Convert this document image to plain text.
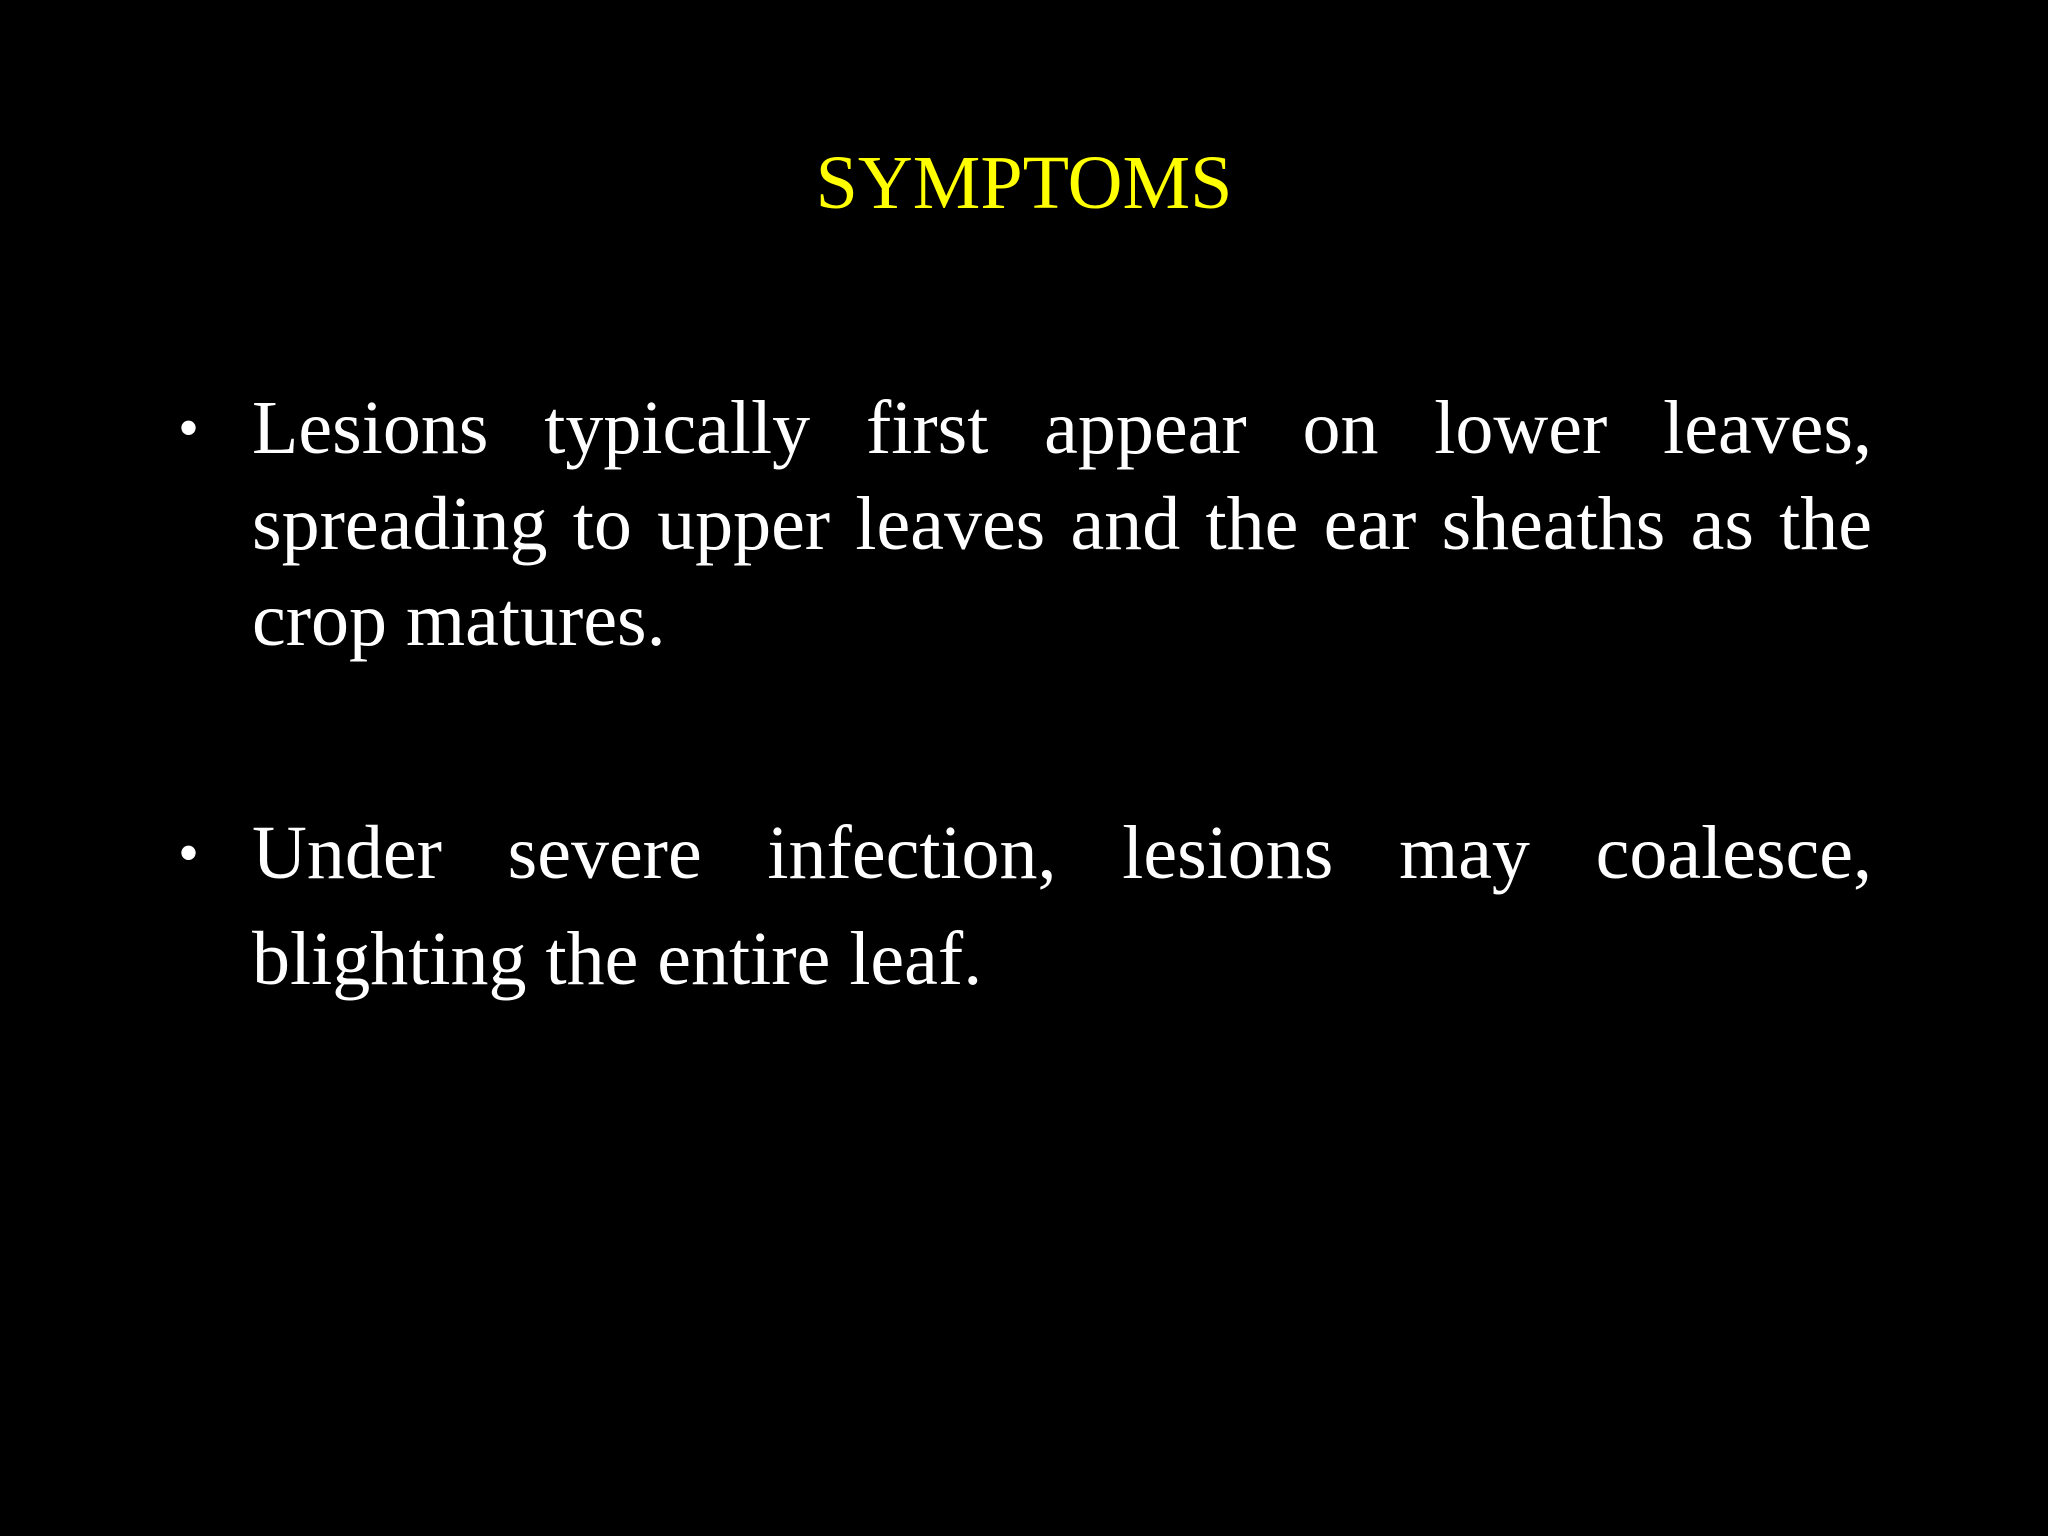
SYMPTOMS
• Lesions typically first appear on lower leaves, spreading to upper leaves and the ear sheaths as the crop matures.
• Under severe infection, lesions may coalesce, blighting the entire leaf.
